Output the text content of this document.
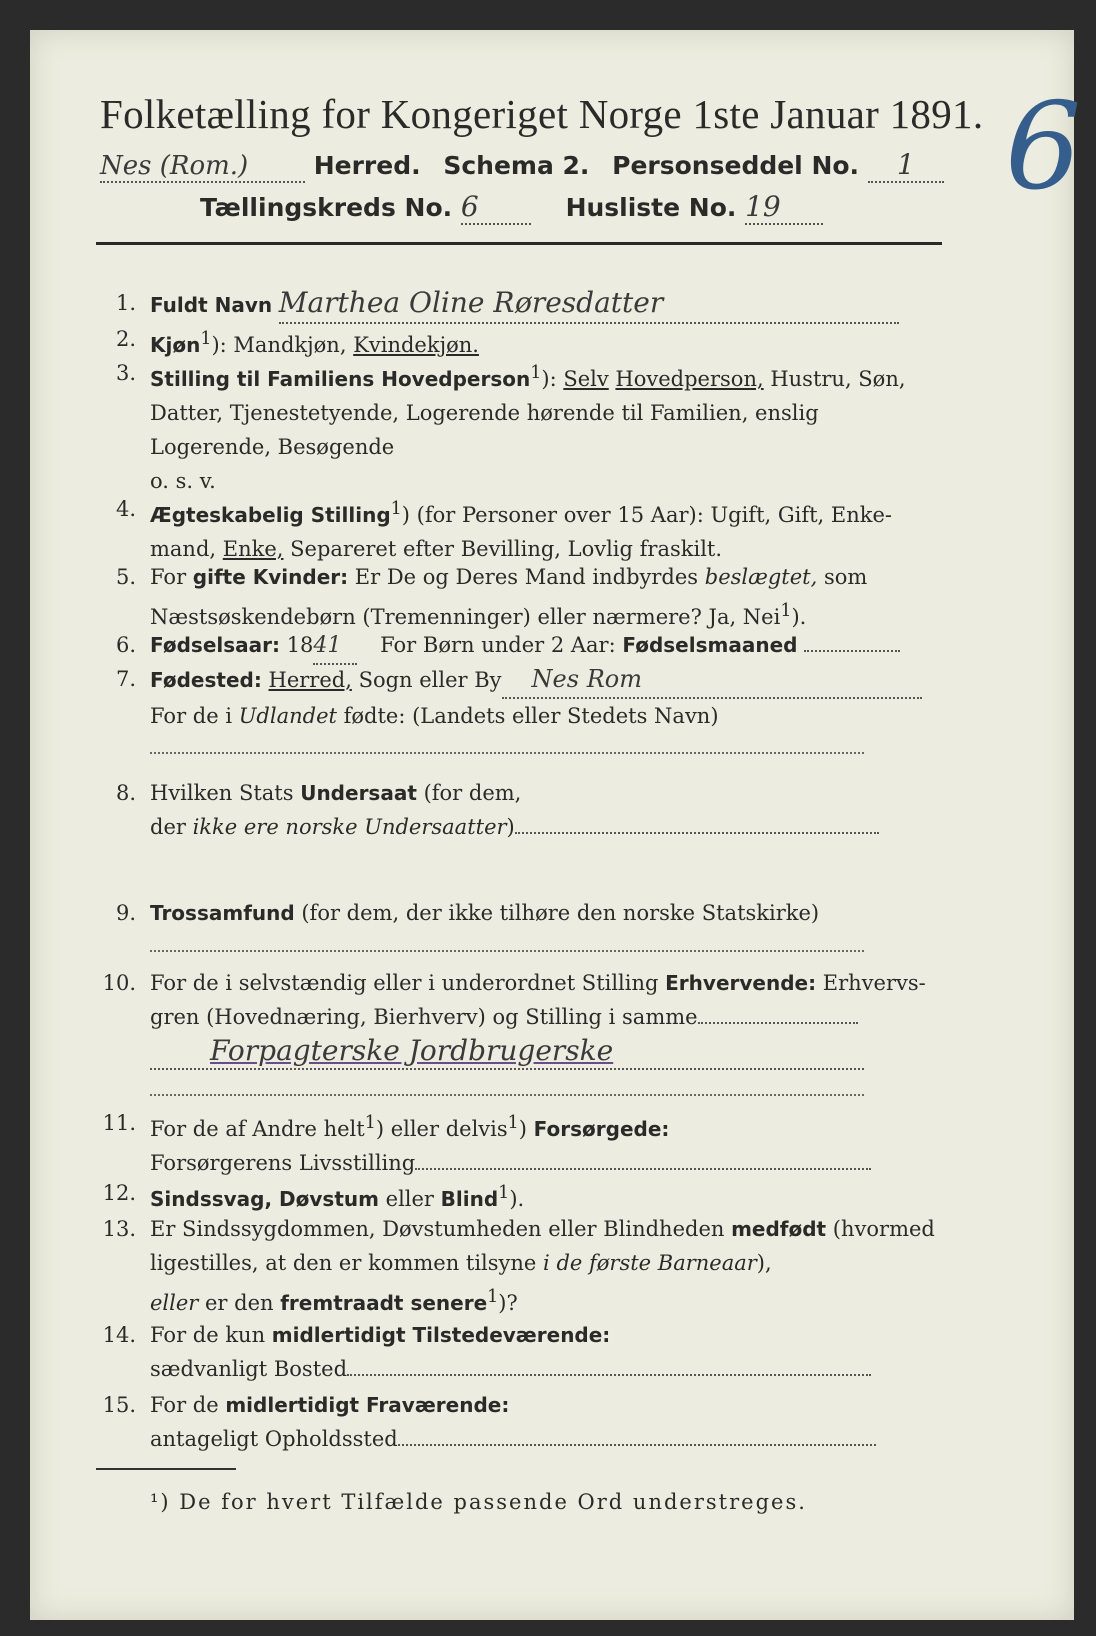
6
Folketælling for Kongeriget Norge 1ste Januar 1891.
Nes (Rom.)	Herred. Schema 2. Personseddel No. 1
Tællingskreds No. 6	Husliste No. 19
1. Fuldt Navn Marthea Oline Røresdatter
2. Kjøn$^1$): Mandkjøn, Kvindekjøn.
3. Stilling til Familiens Hovedperson$^1$): Selv Hovedperson, Hustru, Søn,
Datter, Tjenestetyende, Logerende hørende til Familien, enslig
Logerende, Besøgende
o. s. v.
4. Ægteskabelig Stilling$^1$) (for Personer over 15 Aar): Ugift, Gift, Enke-
mand, Enke, Separeret efter Bevilling, Lovlig fraskilt.
5. For gifte Kvinder: Er De og Deres Mand indbyrdes beslægtet, som
Næstsøskendebørn (Tremenninger) eller nærmere? Ja, Nei$^1$).
6. Fødselsaar: 1841 For Børn under 2 Aar: Fødselsmaaned
7. Fødested: Herred, Sogn eller By Nes Rom
For de i Udlandet fødte: (Landets eller Stedets Navn)
8. Hvilken Stats Undersaat (for dem,
der ikke ere norske Undersaatter)
9. Trossamfund (for dem, der ikke tilhøre den norske Statskirke)
10. For de i selvstændig eller i underordnet Stilling Erhvervende: Erhvervs-
gren (Hovednæring, Bierhverv) og Stilling i samme
Forpagterske Jordbrugerske
11. For de af Andre helt$^1$) eller delvis$^1$) Forsørgede:
Forsørgerens Livsstilling
12. Sindssvag, Døvstum eller Blind$^1$).
13. Er Sindssygdommen, Døvstumheden eller Blindheden medfødt (hvormed
ligestilles, at den er kommen tilsyne i de første Barneaar),
eller er den fremtraadt senere$^1$)?
14. For de kun midlertidigt Tilstedeværende:
sædvanligt Bosted
15. For de midlertidigt Fraværende:
antageligt Opholdssted
¹) De for hvert Tilfælde passende Ord understreges.
